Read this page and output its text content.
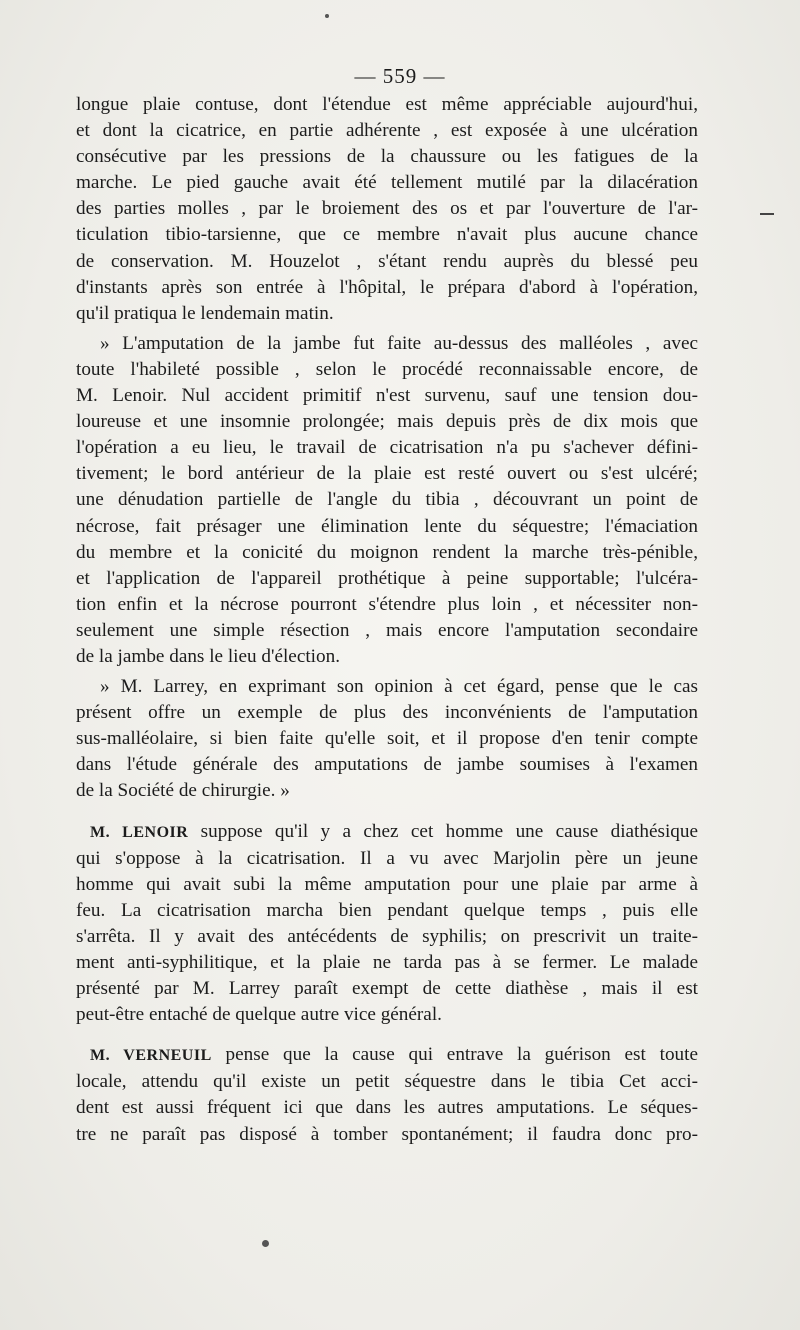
— 559 —
longue plaie contuse, dont l'étendue est même appréciable aujourd'hui,
et dont la cicatrice, en partie adhérente , est exposée à une ulcération
consécutive par les pressions de la chaussure ou les fatigues de la
marche. Le pied gauche avait été tellement mutilé par la dilacération
des parties molles , par le broiement des os et par l'ouverture de l'ar-
ticulation tibio-tarsienne, que ce membre n'avait plus aucune chance
de conservation. M. Houzelot , s'étant rendu auprès du blessé peu
d'instants après son entrée à l'hôpital, le prépara d'abord à l'opération,
qu'il pratiqua le lendemain matin.
» L'amputation de la jambe fut faite au-dessus des malléoles , avec
toute l'habileté possible , selon le procédé reconnaissable encore, de
M. Lenoir. Nul accident primitif n'est survenu, sauf une tension dou-
loureuse et une insomnie prolongée; mais depuis près de dix mois que
l'opération a eu lieu, le travail de cicatrisation n'a pu s'achever défini-
tivement; le bord antérieur de la plaie est resté ouvert ou s'est ulcéré;
une dénudation partielle de l'angle du tibia , découvrant un point de
nécrose, fait présager une élimination lente du séquestre; l'émaciation
du membre et la conicité du moignon rendent la marche très-pénible,
et l'application de l'appareil prothétique à peine supportable; l'ulcéra-
tion enfin et la nécrose pourront s'étendre plus loin , et nécessiter non-
seulement une simple résection , mais encore l'amputation secondaire
de la jambe dans le lieu d'élection.
» M. Larrey, en exprimant son opinion à cet égard, pense que le cas
présent offre un exemple de plus des inconvénients de l'amputation
sus-malléolaire, si bien faite qu'elle soit, et il propose d'en tenir compte
dans l'étude générale des amputations de jambe soumises à l'examen
de la Société de chirurgie. »
M. LENOIR suppose qu'il y a chez cet homme une cause diathésique
qui s'oppose à la cicatrisation. Il a vu avec Marjolin père un jeune
homme qui avait subi la même amputation pour une plaie par arme à
feu. La cicatrisation marcha bien pendant quelque temps , puis elle
s'arrêta. Il y avait des antécédents de syphilis; on prescrivit un traite-
ment anti-syphilitique, et la plaie ne tarda pas à se fermer. Le malade
présenté par M. Larrey paraît exempt de cette diathèse , mais il est
peut-être entaché de quelque autre vice général.
M. VERNEUIL pense que la cause qui entrave la guérison est toute
locale, attendu qu'il existe un petit séquestre dans le tibia Cet acci-
dent est aussi fréquent ici que dans les autres amputations. Le séques-
tre ne paraît pas disposé à tomber spontanément; il faudra donc pro-
